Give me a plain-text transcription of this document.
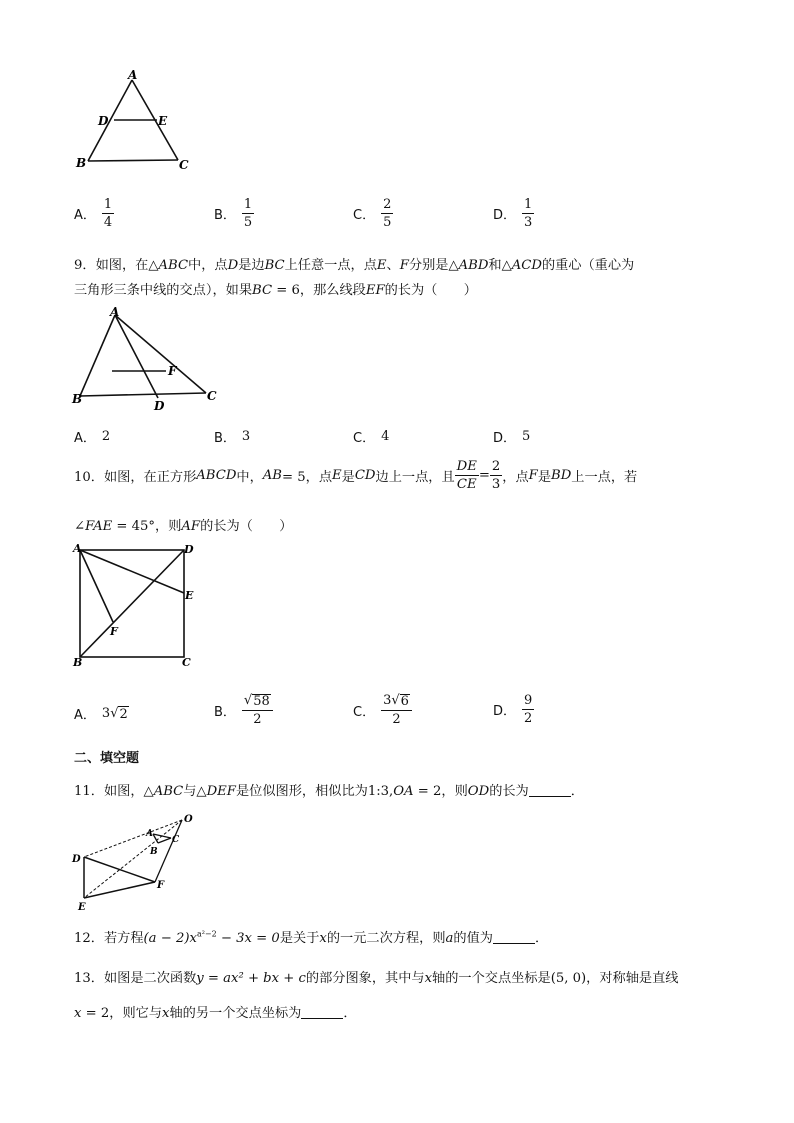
A
D	E
B	C
A． $\frac{1}{4}$	B． $\frac{1}{5}$	C． $\frac{2}{5}$	D． $\frac{1}{3}$
9．如图，在△ABC中，点D是边BC上任意一点，点E、F分别是△ABD和△ACD的重心（重心为
三角形三条中线的交点），如果BC = 6，那么线段EF的长为（　　）
A
F
B	D
C
A． 2	B． 3	C． 4	D． 5
10．如图，在正方形 ABCD 中， AB = 5，点 E 是 CD 边上一点，且 $\frac{DE}{CE} = \frac{2}{3}$ ，点 F 是 BD 上一点，若
∠FAE = 45°，则AF的长为（　　）
A	D
E
F
B	C
A． 3 √ 2	B． $\frac{√ 58}{2}$	C． $\frac{3√ 6}{2}$	D． $\frac{9}{2}$
二、填空题
11．如图，△ABC与△DEF是位似图形，相似比为1:3,OA = 2，则OD的长为	．
O
A
C
B
D
E
F
12．若方程$(a - 2)x^{a^2-2} - 3x = 0$是关于x的一元二次方程，则a的值为	．
13．如图是二次函数y = ax² + bx + c的部分图象，其中与x轴的一个交点坐标是(5, 0)，对称轴是直线
x = 2，则它与x轴的另一个交点坐标为	．
